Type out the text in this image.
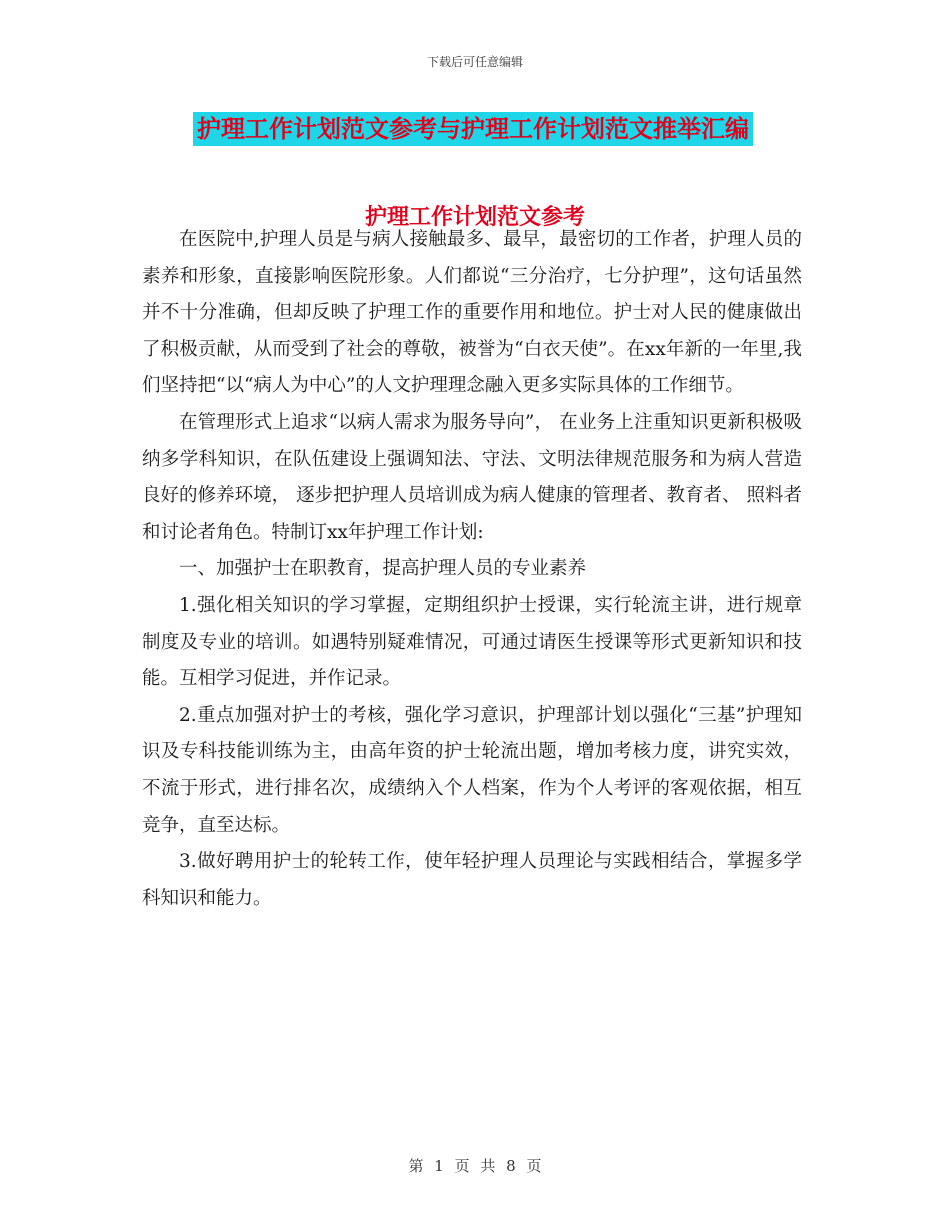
下载后可任意编辑
护理工作计划范文参考与护理工作计划范文推举汇编
护理工作计划范文参考

在医院中,护理人员是与病人接触最多、最早，最密切的工作者，护理人员的素养和形象，直接影响医院形象。人们都说“三分治疗，七分护理”，这句话虽然并不十分准确，但却反映了护理工作的重要作用和地位。护士对人民的健康做出了积极贡献，从而受到了社会的尊敬，被誉为“白衣天使”。在xx年新的一年里,我们坚持把“以“病人为中心”的人文护理理念融入更多实际具体的工作细节。

在管理形式上追求“以病人需求为服务导向”， 在业务上注重知识更新积极吸纳多学科知识，在队伍建设上强调知法、守法、文明法律规范服务和为病人营造良好的修养环境， 逐步把护理人员培训成为病人健康的管理者、教育者、 照料者和讨论者角色。特制订xx年护理工作计划:

一、加强护士在职教育，提高护理人员的专业素养

1.强化相关知识的学习掌握，定期组织护士授课，实行轮流主讲，进行规章制度及专业的培训。如遇特别疑难情况，可通过请医生授课等形式更新知识和技能。互相学习促进，并作记录。

2.重点加强对护士的考核，强化学习意识，护理部计划以强化“三基”护理知识及专科技能训练为主，由高年资的护士轮流出题，增加考核力度，讲究实效，不流于形式，进行排名次，成绩纳入个人档案，作为个人考评的客观依据，相互竞争，直至达标。

3.做好聘用护士的轮转工作，使年轻护理人员理论与实践相结合，掌握多学科知识和能力。

第 1 页 共 8 页
